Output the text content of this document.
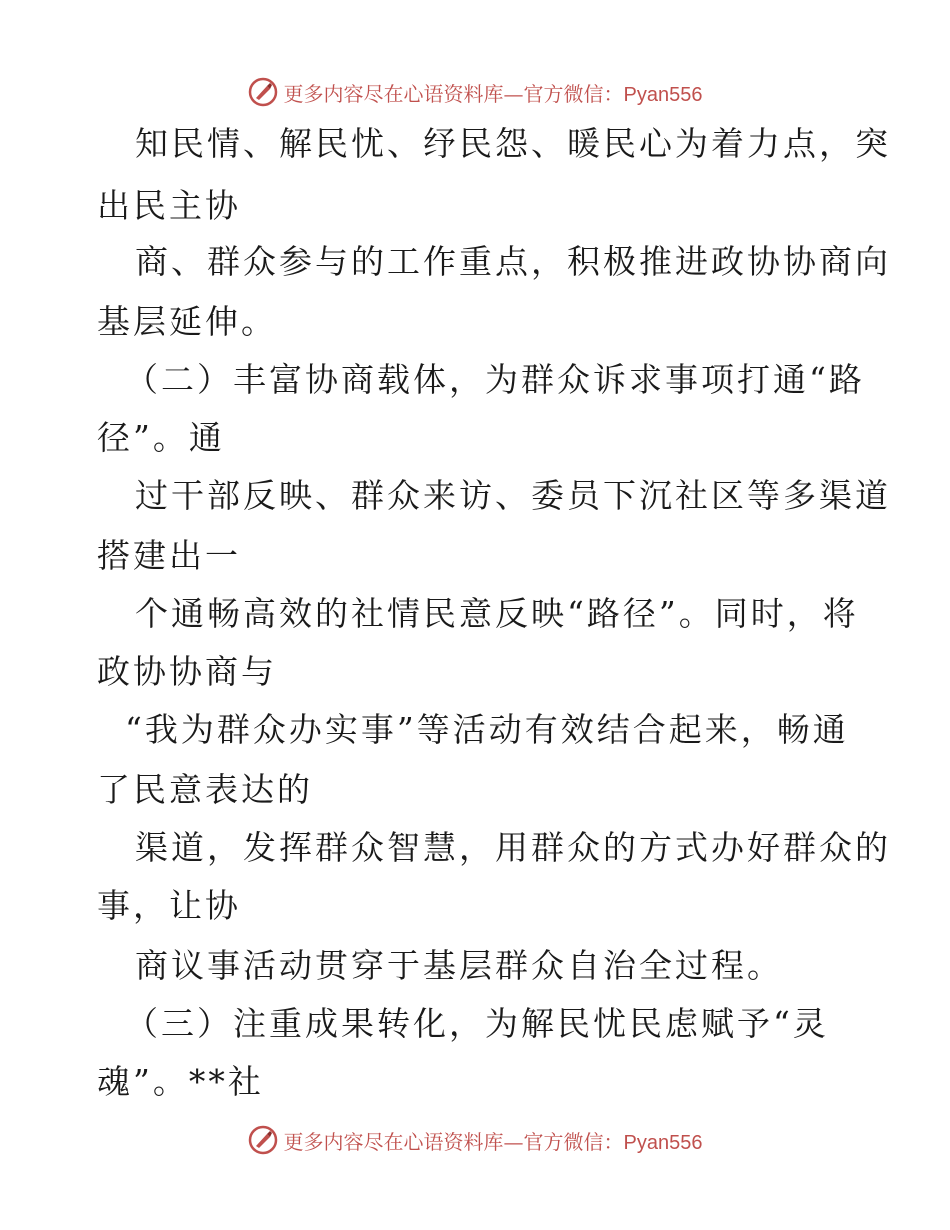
更多内容尽在心语资料库—官方微信：Pyan556
知民情、解民忧、纾民怨、暖民心为着力点，突
出民主协
商、群众参与的工作重点，积极推进政协协商向
基层延伸。
（二）丰富协商载体，为群众诉求事项打通“路
径”。通
过干部反映、群众来访、委员下沉社区等多渠道
搭建出一
个通畅高效的社情民意反映“路径”。同时，将
政协协商与
“我为群众办实事”等活动有效结合起来，畅通
了民意表达的
渠道，发挥群众智慧，用群众的方式办好群众的
事，让协
商议事活动贯穿于基层群众自治全过程。
（三）注重成果转化，为解民忧民虑赋予“灵
魂”。**社
更多内容尽在心语资料库—官方微信：Pyan556
